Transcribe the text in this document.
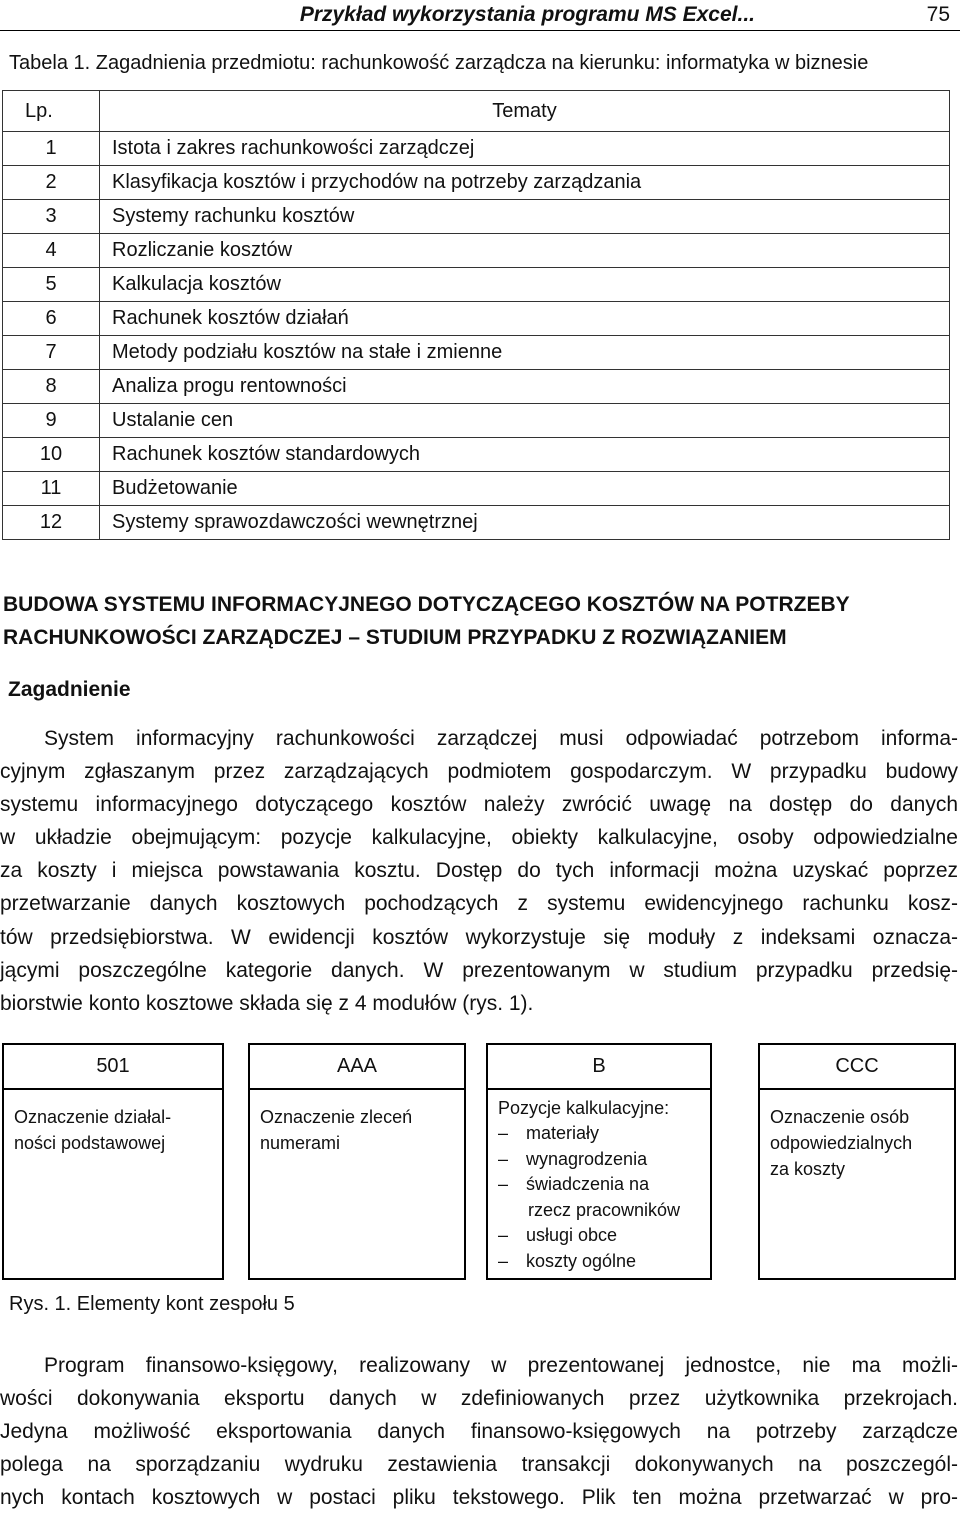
Przykład wykorzystania programu MS Excel...	75
Tabela 1. Zagadnienia przedmiotu: rachunkowość zarządcza na kierunku: informatyka w biznesie
Lp.	Tematy
1	Istota i zakres rachunkowości zarządczej
2	Klasyfikacja kosztów i przychodów na potrzeby zarządzania
3	Systemy rachunku kosztów
4	Rozliczanie kosztów
5	Kalkulacja kosztów
6	Rachunek kosztów działań
7	Metody podziału kosztów na stałe i zmienne
8	Analiza progu rentowności
9	Ustalanie cen
10	Rachunek kosztów standardowych
11	Budżetowanie
12	Systemy sprawozdawczości wewnętrznej
BUDOWA SYSTEMU INFORMACYJNEGO DOTYCZĄCEGO KOSZTÓW NA POTRZEBY
RACHUNKOWOŚCI ZARZĄDCZEJ – STUDIUM PRZYPADKU Z ROZWIĄZANIEM
Zagadnienie
System informacyjny rachunkowości zarządczej musi odpowiadać potrzebom informa-
cyjnym zgłaszanym przez zarządzających podmiotem gospodarczym. W przypadku budowy
systemu informacyjnego dotyczącego kosztów należy zwrócić uwagę na dostęp do danych
w układzie obejmującym: pozycje kalkulacyjne, obiekty kalkulacyjne, osoby odpowiedzialne
za koszty i miejsca powstawania kosztu. Dostęp do tych informacji można uzyskać poprzez
przetwarzanie danych kosztowych pochodzących z systemu ewidencyjnego rachunku kosz-
tów przedsiębiorstwa. W ewidencji kosztów wykorzystuje się moduły z indeksami oznacza-
jącymi poszczególne kategorie danych. W prezentowanym w studium przypadku przedsię-
biorstwie konto kosztowe składa się z 4 modułów (rys. 1).
501
Oznaczenie działal-
ności podstawowej
AAA
Oznaczenie zleceń
numerami
B
Pozycje kalkulacyjne:
– materiały
– wynagrodzenia
– świadczenia na
rzecz pracowników
– usługi obce
– koszty ogólne
CCC
Oznaczenie osób
odpowiedzialnych
za koszty
Rys. 1. Elementy kont zespołu 5
Program finansowo-księgowy, realizowany w prezentowanej jednostce, nie ma możli-
wości dokonywania eksportu danych w zdefiniowanych przez użytkownika przekrojach.
Jedyna możliwość eksportowania danych finansowo-księgowych na potrzeby zarządcze
polega na sporządzaniu wydruku zestawienia transakcji dokonywanych na poszczegól-
nych kontach kosztowych w postaci pliku tekstowego. Plik ten można przetwarzać w pro-
